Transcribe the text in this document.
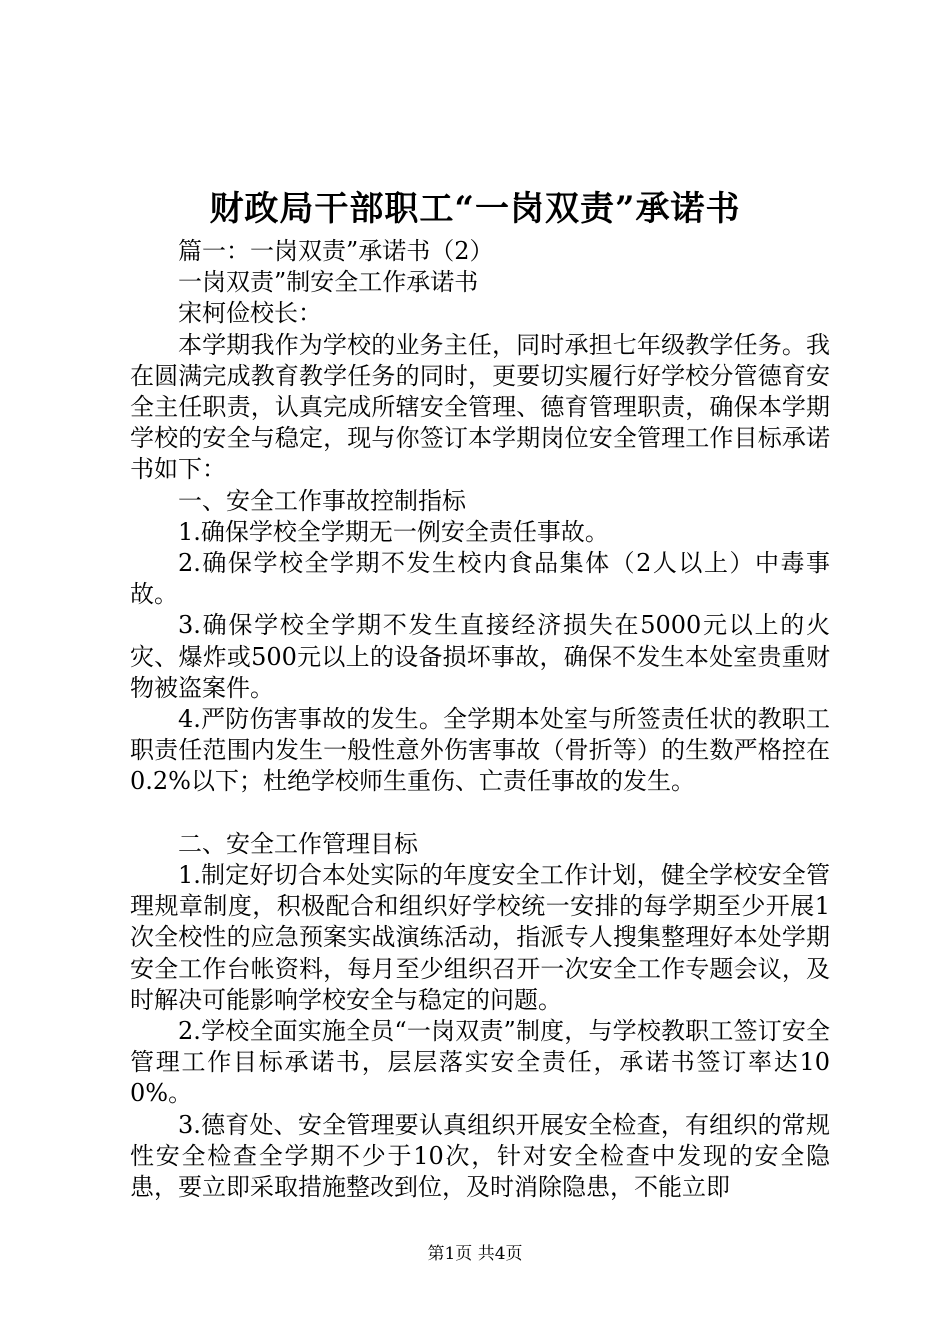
财政局干部职工“一岗双责”承诺书

篇一：一岗双责”承诺书（2）

一岗双责”制安全工作承诺书

宋柯俭校长：

本学期我作为学校的业务主任，同时承担七年级教学任务。我在圆满完成教育教学任务的同时，更要切实履行好学校分管德育安全主任职责，认真完成所辖安全管理、德育管理职责，确保本学期学校的安全与稳定，现与你签订本学期岗位安全管理工作目标承诺书如下：

一、安全工作事故控制指标

1.确保学校全学期无一例安全责任事故。

2.确保学校全学期不发生校内食品集体（2人以上）中毒事故。

3.确保学校全学期不发生直接经济损失在5000元以上的火灾、爆炸或500元以上的设备损坏事故，确保不发生本处室贵重财物被盗案件。

4.严防伤害事故的发生。全学期本处室与所签责任状的教职工职责任范围内发生一般性意外伤害事故（骨折等）的生数严格控在0.2%以下；杜绝学校师生重伤、亡责任事故的发生。

二、安全工作管理目标

1.制定好切合本处实际的年度安全工作计划，健全学校安全管理规章制度，积极配合和组织好学校统一安排的每学期至少开展1次全校性的应急预案实战演练活动，指派专人搜集整理好本处学期安全工作台帐资料，每月至少组织召开一次安全工作专题会议，及时解决可能影响学校安全与稳定的问题。

2.学校全面实施全员“一岗双责”制度，与学校教职工签订安全管理工作目标承诺书，层层落实安全责任，承诺书签订率达100%。

3.德育处、安全管理要认真组织开展安全检查，有组织的常规性安全检查全学期不少于10次，针对安全检查中发现的安全隐患，要立即采取措施整改到位，及时消除隐患，不能立即

第1页 共4页
